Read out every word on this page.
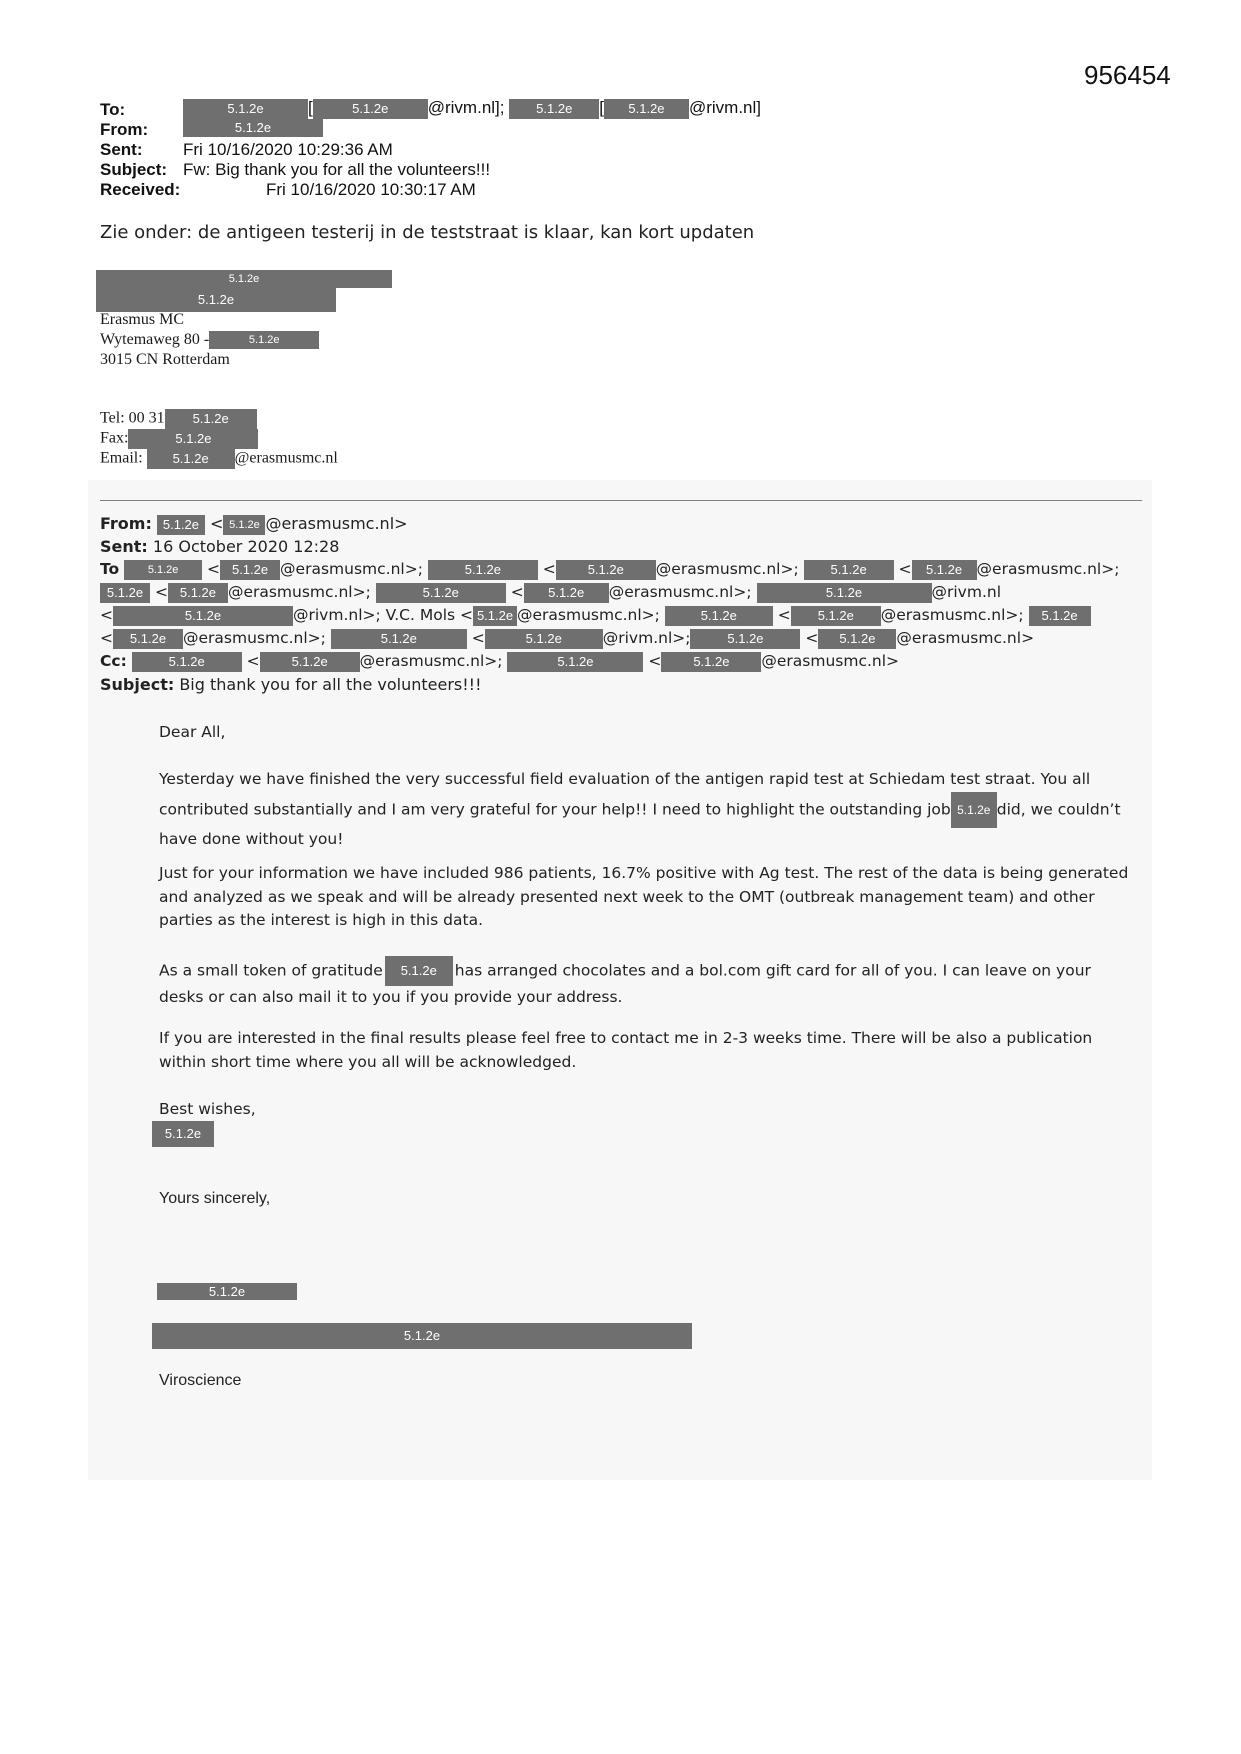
956454
To:	5.1.2e	[	5.1.2e @rivm.nl]; 5.1.2e [ 5.1.2e @rivm.nl]
From:	5.1.2e
Sent: Fri 10/16/2020 10:29:36 AM
Subject: Fw: Big thank you for all the volunteers!!!
Received:	Fri 10/16/2020 10:30:17 AM
Zie onder: de antigeen testerij in de teststraat is klaar, kan kort updaten
5.1.2e
5.1.2e
Erasmus MC
Wytemaweg 80 -	5.1.2e
3015 CN Rotterdam
Tel: 00 31 5.1.2e
Fax:	5.1.2e
Email: 5.1.2e @erasmusmc.nl
From: 5.1.2e < 5.1.2e @erasmusmc.nl>
Sent: 16 October 2020 12:28
To	5.1.2e < 5.1.2e @erasmusmc.nl>;	5.1.2e	< 5.1.2e @erasmusmc.nl>; 5.1.2e < 5.1.2e @erasmusmc.nl>;
5.1.2e < 5.1.2e @erasmusmc.nl>;	5.1.2e	< 5.1.2e @erasmusmc.nl>;	5.1.2e	@rivm.nl
<	5.1.2e	@rivm.nl>; V.C. Mols < 5.1.2e @erasmusmc.nl>;	5.1.2e	< 5.1.2e @erasmusmc.nl>; 5.1.2e
< 5.1.2e @erasmusmc.nl>;	5.1.2e	<	5.1.2e	@rivm.nl>;	5.1.2e	< 5.1.2e @erasmusmc.nl>
Cc:	5.1.2e	< 5.1.2e @erasmusmc.nl>;	5.1.2e	< 5.1.2e @erasmusmc.nl>
Subject: Big thank you for all the volunteers!!!
Dear All,

Yesterday we have finished the very successful field evaluation of the antigen rapid test at Schiedam test straat. You all contributed substantially and I am very grateful for your help!! I need to highlight the outstanding job 5.1.2e did, we couldn’t have done without you!

Just for your information we have included 986 patients, 16.7% positive with Ag test. The rest of the data is being generated and analyzed as we speak and will be already presented next week to the OMT (outbreak management team) and other parties as the interest is high in this data.
As a small token of gratitude 5.1.2e has arranged chocolates and a bol.com gift card for all of you. I can leave on your desks or can also mail it to you if you provide your address.
If you are interested in the final results please feel free to contact me in 2-3 weeks time. There will be also a publication within short time where you all will be acknowledged.
Best wishes,
5.1.2e
Yours sincerely,
5.1.2e
5.1.2e
Viroscience
